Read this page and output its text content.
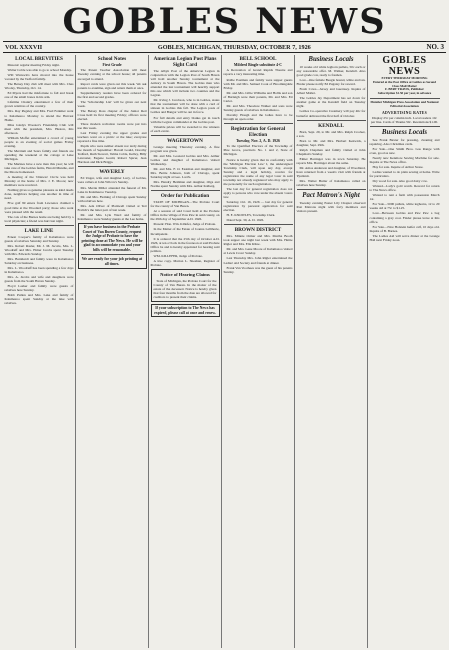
GOBLES NEWS
VOL XXXVII	GOBLES, MICHIGAN, THURSDAY, OCTOBER 7, 1926	NO. 3
LOCAL BREVITIES

Masonic regular meeting Friday night.

Walter Coble was able to go to school Monday.

Will Warnock's have moved into the house vacated by the Tedford family.

The Betsey Day club will meet with Mrs. Chas Wooley, Thursday, Oct. 14.

Ed Myers had the misfortune to fall and break one of the small bones in his arm.

Lifetime Chantry entertained a few of their grown relatives of the country.

Mrs. Ray Pugsley and Mrs. Fred Fenimer went to Kalamazoo Monday to attend the Harvest Home.

Miss Gladys Wooster's Friendship Club will meet with the president, Mrs. Huston, this afternoon.

William Moffet entertained a crowd of young people to an evening of social games Friday evening.

The Merriam and Sears family and friends are spending the weekend at the cottage at Lake Michigan.

The Marines have a new man this year; he will take care of the Gobles farms, Harold Mundie, and the Moore homestead.

A meeting of the 'Ottawas' Circle was held Monday at the home of Mrs. J. E. Moore; new members were received.

Nothing gives so genuine pleasure as kind deeds done, neighbors helping one another in time of need.

Five golf 99 enters from Lawrence claimed a good time at the Woodard party; those who went were pleased with the result.

The cats of the Barnes home are being held by a local physician; a friend was hurt last night.

LAKE LINE

Ernest Cooper's family of Kalamazoo were guests of relatives Saturday and Sunday.

Mrs. Robert Rasler, Mr. J. M. Jacobs, Mrs. L. Woodruff and Mrs. Elmer Jacobs spent Tuesday with Mrs. Edwards Sunday.

Mrs. Barnhardt and family were in Kalamazoo Saturday on business.

Mrs. L. Woodruff has been spending a few days in Kalamazoo.

Mrs. A. Jacobs and wife and daughters were guests from the South Haven Sunday.

Floyd Lasher and family were guests of relatives here Sunday.

Bobb Pullen and Mrs. Lake and family of Kalamazoo spent Sunday at the lake with relatives.

School Notes
First Grade

The Parent Teacher Association will meet Tuesday evening at the school house; all parents are urged to attend.

Report cards were given out this week. We ask parents to examine, sign and return them at once.

Supplementary readers have been ordered for the first and second grades.

The 'Scholarship List' will be given out next week.

The Betsey Ross chapter of the Junior Red Cross held its first meeting Friday; officers were elected.

Three modern recitation rooms were put into use this week.

Last Friday evening the upper grades and teachers went on a picnic at the lake; everyone reported a fine time.

Pupils who were neither absent nor tardy during the month of September: Harold Gould, Dorothy Tedford, Ruth Stewart, Velma Coble, Kelley, Billy Lancaster, Eugene Gould, Robert Spicer, Jean Harrison and Dick Briggs.

WAVERLY

Ed Unger, wife and daughter Lucy, of Gobles, were callers at John Wilcox's Sunday.

Mrs. Mertie Miller attended the funeral of Mr. Lake in Kalamazoo Tuesday.

Mr. and Mrs. Fleming of Chicago spent Sunday with relatives here.

Mrs. Ada Oliver of Plainwell visited at Ted Fralich's the latter part of last week.

Mr. and Mrs. Lyle Ward and family of Kalamazoo were Sunday guests at the Lee home.

If you have business in the Probate Court of Van Buren County, request the Judge of Probate to have the printing done at The News. He will be glad to accommodate you and your bills will be reasonable.
We are ready for your job printing at all times.
American Legion Post Plans Sight Card

The Albyn Post of the American Legion in conjunction with the Legion Post of South Haven will hold another Sunday tournament at the Armory in South Haven. The Gobles men who attended the last tournament will heartily support this one which will include two counties and the Legion.

Mr. Irving J. Jacobson, who is in Gobles, states that the tournament will be done with a card of sixteen in Gobles this fall. The Legion posts of Gobles and Bangor will be out in force.

For full details and entry blanks get in touch with the Legion commander at the Gobles post.

Valuable prizes will be awarded to the winners of each event.

WAGERTOWN

Grange meeting Thursday evening. A fine program was given.

Mr. and Mrs. Leonard Gobles and Mrs. Arthur Gobles and daughter of Kalamazoo visited Wednesday.

Mr. and Mrs. F. O. Eastman and daughter, and Mrs. Bettie Johnson, both of Chicago, spent Saturday night at Geo. Lord's.

Mrs. Hendry Heldman and daughter, Olga and Norma spent Sunday with Mrs. Arthur Kalberg.

Order for Publication

STATE OF MICHIGAN—The Probate Court for the county of Van Buren.

At a session of said Court held at the Probate Office in the village of Paw Paw in said county, on the 29th day of September A.D. 1926.

Present: Hon. Wm. Killefer, Judge of Probate.

In the Matter of the Estate of Joanna Lalliberte, Incompetent.

It is ordered that the 25th day of October A.D. 1926, at ten o'clock in the forenoon at said Probate Office be and is hereby appointed for hearing said petition.

WM. KILLEFER, Judge of Probate.

A true copy. Marion L. Sheehan, Register of Probate.

Notice of Hearing Claims

State of Michigan, the Probate Court for the County of Van Buren. In the matter of the estate of the deceased. Notice is hereby given that four months from the date are allowed for creditors to present their claims.

If your subscription to The News has expired, please call at once and renew.
BELL SCHOOL
Mildred Bingle substitute 4-C

A Recreation of Grand Rapids Theatre and reports a very interesting time.

Rollie Eastman and family were supper guests with Mr. and Mrs. Samuel Cook of Bloomingdale Friday.

Mr. and Mrs. Lillie Williams and Hollis and son of Burleigh were their parents, Mr. and Mrs. Ed Carter.

Mr. and Mrs. Theodore Walker and sons were Sunday guests of relatives in Kalamazoo.

Dorothy Hough and the ladies have to be through an open order.

Registration for General Election
Tuesday, Nov. 2, A. D. 1926

To the Qualified Electors of the Township of Pine Grove, precincts No. 1 and 2, State of Michigan.

Notice is hereby given that in conformity with the 'Michigan Election Law' I, the undersigned Township Clerk, will upon any day, except Sunday and a legal holiday, receive for registration the name of any legal voter in said township not already registered who may apply to me personally for such registration.

The last day for general registration does not apply to persons who vote under the absent voters law.

Saturday, Oct. 16, 1926 — last day for general registration by personal application for said election.

H. E. KNOWLES, Township Clerk.

Dated Sept. 30, A. D. 1926.

BROWN DISTRICT

Mrs. Minnie Ormer and Mrs. Martha Booth took supper one night last week with Mrs. Hattie Rigler and Mrs. Ella Kline.

Mr. and Mrs. Gene Moore of Kalamazoo visited at Lewis Cross' Sunday.

Last Thursday Mrs. John Rigler entertained the Ladies' Aid Society and friends at dinner.

Frank Van Voorhees was the guest of his parents Sunday.

Business Locals

10 weeks old white leghorn pullets, 50c each or any reasonable offer. M. Walker, Kendall. Also good grade cow, ready to freshen.

Lost—One female Beagle hound, white and tan. Finder please notify Ed Pugsley for reward.

Fresh Cows—Jersey and Guernsey. Inquire of Albert Mallet.

The Gobles Jay Department has set down for another game at the Kendall field on Tuesday night.

Gobles Co-operative Creamery will pay 46c for butterfat delivered the first half of October.

KENDALL

Born, Sept. 29, to Mr. and Mrs. Ralph Crocker, a son.

Born to Mr. and Mrs. Herbert Kenwick, a daughter, Sept. 29th.

Ralph Chapman and family visited at John Chapman's Sunday.

Elmer Barringer was in town Saturday. He reports Mrs. Barringer about the same.

Mr. Amos Anderson and daughter, of Woodland, have returned from a week's visit with friends at Ypsilanti.

Mrs. Walter Butler of Kalamazoo called on relatives here Sunday.

Pact Matron's Night

Tuesday evening Easter Lily Chapter observed Past Matrons night with forty members and visitors present.

GOBLES NEWS
EVERY THURSDAY MORNING
Entered at the Post Office at Gobles as Second Class Mail Matter
F. BERT TRAVIS, Publisher
Subscription $1.50 per year, in advance
Member Michigan Press Association and National Editorial Association
ADVERTISING RATES

Display 25c per column inch. Local readers 10c per line. Cards of Thanks 50c. Resolutions $1.00.

Business Locals

See Frank Baxter for pressing, cleaning and repairing. Also Christmas cards.

For Sale—One Smith Bros. Gas Range with oven, good as new.

Nearly new Kenmore Sewing Machine for sale. Inquire at The News office.

Hay for sale. Inquire of Arthur Stone.

Ladies wanted to do plain sewing at home. Write for particulars.

Dry wood for sale. Also good dairy cow.

Wanted—Lady's gold watch. Reward for return to The News office.

Wanted to rent a farm with possession March 1st.

For Sale—5000 pullets, white leghorns, 12 to 20 weeks old at 75c to $1.25.

Lost—Between Gobles and Paw Paw a bag containing a gray coat. Finder please leave at this office.

For Sale—Nice Holstein heifer calf, 10 days old. Inquire of B. Barnes.

The Ladies Aid will serve dinner at the Grange Hall next Friday noon.
